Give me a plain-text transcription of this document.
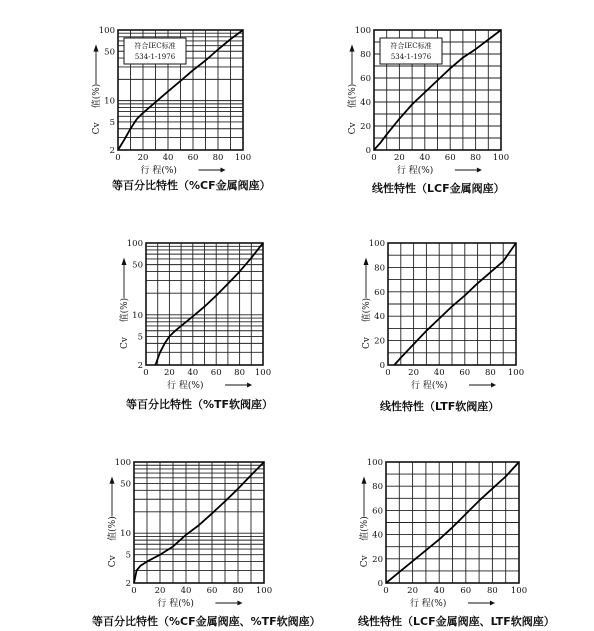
0 20 40 60 80 100
2
5
10
50
100
行 程(%)
值(%)
Cv
符合IEC标准
534-1-1976
等百分比特性（%CF金属阀座）
0 20 40 60 80 100
0
20
40
60
80
100
行 程(%)
值(%)
Cv
符合IEC标准
534-1-1976
线性特性（LCF金属阀座）
0 20 40 60 80 100
2
5
10
50
100
行 程(%)
值(%)
Cv
等百分比特性（%TF软阀座）
0 20 40 60 80 100
0
20
40
60
80
100
行 程(%)
值(%)
Cv
线性特性（LTF软阀座）
0 20 40 60 80 100
2
5
10
50
100
行 程(%)
值(%)
Cv
等百分比特性（%CF金属阀座、%TF软阀座）
0 20 40 60 80 100
0
20
40
60
80
100
行 程(%)
值(%)
Cv
线性特性（LCF金属阀座、LTF软阀座）
